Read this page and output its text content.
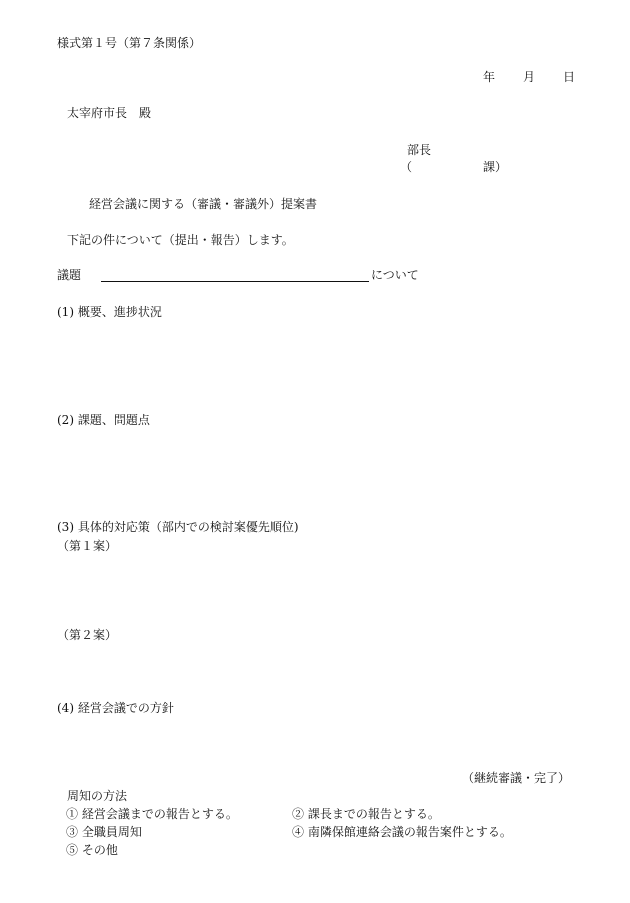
様式第１号（第７条関係）
年 月 日
太宰府市長　殿
部長
（	課）
経営会議に関する（審議・審議外）提案書
下記の件について（提出・報告）します。
議題	について
(1) 概要、進捗状況
(2) 課題、問題点
(3) 具体的対応策（部内での検討案優先順位)
（第１案）
（第２案）
(4) 経営会議での方針
（継続審議・完了）
周知の方法
① 経営会議までの報告とする。	② 課長までの報告とする。
③ 全職員周知	④ 南隣保館連絡会議の報告案件とする。
⑤ その他
